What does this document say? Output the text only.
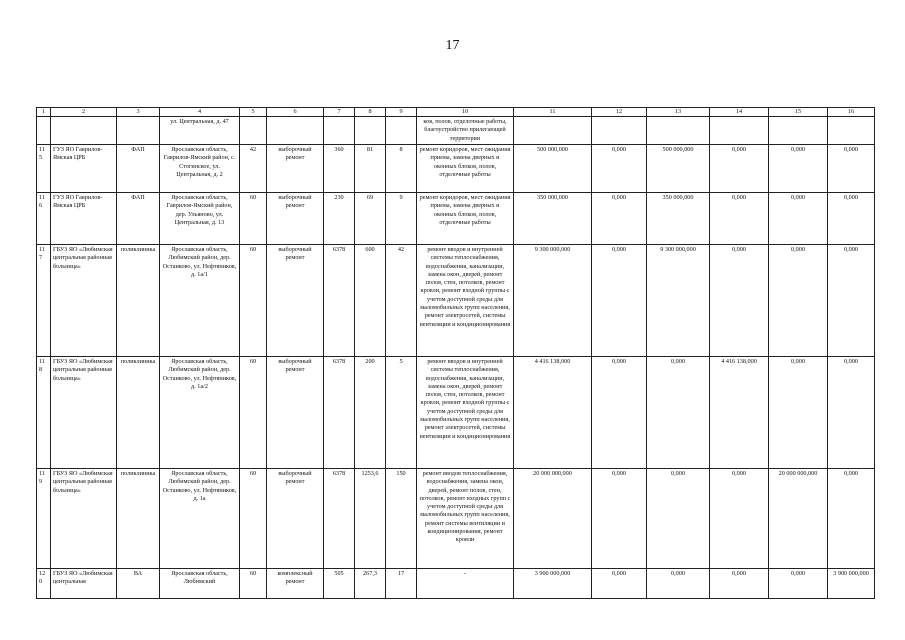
17
1	2	3	4	5	6	7	8	9	10	11	12	13	14	15	16
			ул. Центральная, д. 47						ков, полов, отделочные работы, благоустройство прилегающей территории						
115	ГУЗ ЯО Гаврилов-Ямская ЦРБ	ФАП	Ярославская область, Гаврилов-Ямский район, с. Стогинское, ул. Центральная, д. 2	42	выборочный ремонт	360	81	8	ремонт коридоров, мест ожидания приема, замена дверных и оконных блоков, полов, отделочные работы	500 000,000	0,000	500 000,000	0,000	0,000	0,000
116	ГУЗ ЯО Гаврилов-Ямская ЦРБ	ФАП	Ярославская область, Гаврилов-Ямский район, дер. Ульяново, ул. Центральная, д. 13	60	выборочный ремонт	230	69	9	ремонт коридоров, мест ожидания приема, замена дверных и оконных блоков, полов, отделочные работы	350 000,000	0,000	350 000,000	0,000	0,000	0,000
117	ГБУЗ ЯО «Любимская центральная районная больница»	поликлиника	Ярославская область, Любимский район, дер. Останково, ул. Нефтяников, д. 1а/1	60	выборочный ремонт	6378	600	42	ремонт вводов и внутренней системы теплоснабжения, водоснабжения, канализации, замена окон, дверей, ремонт полов, стен, потолков, ремонт кровли, ремонт входной группы с учетом доступной среды для маломобильных групп населения, ремонт электросетей, системы вентиляции и кондиционирования	9 300 000,000	0,000	9 300 000,000	0,000	0,000	0,000
118	ГБУЗ ЯО «Любимская центральная районная больница»	поликлиника	Ярославская область, Любимский район, дер. Останково, ул. Нефтяников, д. 1а/2	60	выборочный ремонт	6378	200	5	ремонт вводов и внутренней системы теплоснабжения, водоснабжения, канализации, замена окон, дверей, ремонт полов, стен, потолков, ремонт кровли, ремонт входной группы с учетом доступной среды для маломобильных групп населения, ремонт электросетей, системы вентиляции и кондиционирования	4 416 138,000	0,000	0,000	4 416 138,000	0,000	0,000
119	ГБУЗ ЯО «Любимская центральная районная больница»	поликлиника	Ярославская область, Любимский район, дер. Останково, ул. Нефтяников, д. 1а	60	выборочный ремонт	6378	1253,6	150	ремонт вводов теплоснабжения, водоснабжения, замена окон, дверей, ремонт полов, стен, потолков, ремонт входных групп с учетом доступной среды для маломобильных групп населения, ремонт системы вентиляции и кондиционирования, ремонт кровли	20 000 000,000	0,000	0,000	0,000	20 000 000,000	0,000
120	ГБУЗ ЯО «Любимская центральная	ВА	Ярославская область, Любимский	60	комплексный ремонт	505	267,3	17	-	3 900 000,000	0,000	0,000	0,000	0,000	3 900 000,000
